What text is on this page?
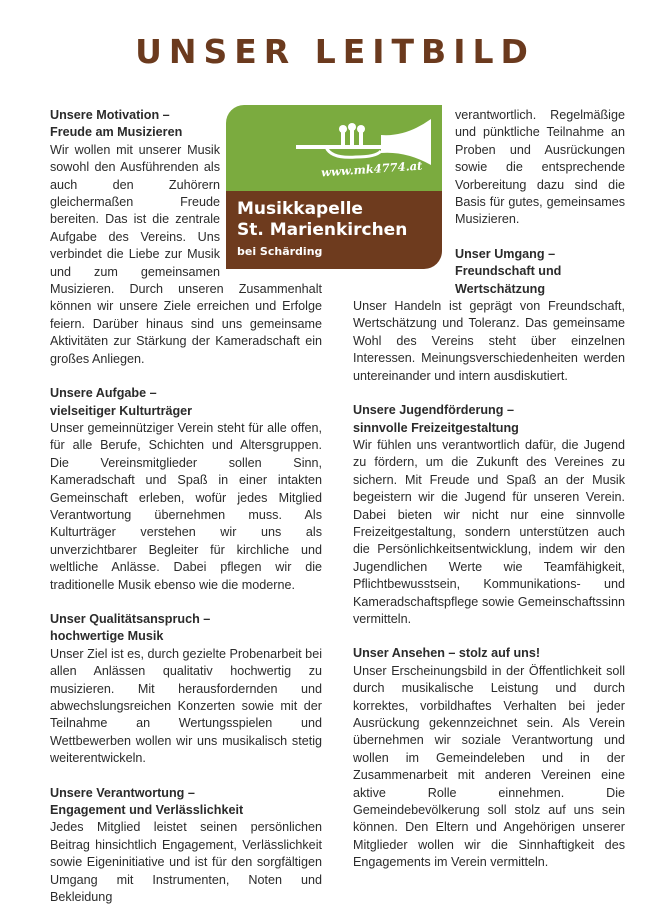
UNSER LEITBILD
www.mk4774.at
Musikkapelle
St. Marienkirchen
bei Schärding
Unsere Motivation –
Freude am Musizieren

Wir wollen mit unserer Musik sowohl den Ausführenden als auch den Zuhörern gleichermaßen Freude bereiten. Das ist die zentrale Aufgabe des Vereins. Uns verbindet die Liebe zur Musik und zum gemeinsamen Musizieren. Durch unseren Zusammenhalt können wir unsere Ziele erreichen und Erfolge feiern. Darüber hinaus sind uns gemeinsame Aktivitäten zur Stärkung der Kameradschaft ein großes Anliegen.

Unsere Aufgabe –
vielseitiger Kulturträger

Unser gemeinnütziger Verein steht für alle offen, für alle Berufe, Schichten und Altersgruppen. Die Vereinsmitglieder sollen Sinn, Kameradschaft und Spaß in einer intakten Gemeinschaft erleben, wofür jedes Mitglied Verantwortung übernehmen muss. Als Kulturträger verstehen wir uns als unverzichtbarer Begleiter für kirchliche und weltliche Anlässe. Dabei pflegen wir die traditionelle Musik ebenso wie die moderne.

Unser Qualitätsanspruch –
hochwertige Musik

Unser Ziel ist es, durch gezielte Probenarbeit bei allen Anlässen qualitativ hochwertig zu musizieren. Mit herausfordernden und abwechslungsreichen Konzerten sowie mit der Teilnahme an Wertungsspielen und Wettbewerben wollen wir uns musikalisch stetig weiterentwickeln.

Unsere Verantwortung –
Engagement und Verlässlichkeit

Jedes Mitglied leistet seinen persönlichen Beitrag hinsichtlich Engagement, Verlässlichkeit sowie Eigeninitiative und ist für den sorgfältigen Umgang mit Instrumenten, Noten und Bekleidung

verantwortlich. Regelmäßige und pünktliche Teilnahme an Proben und Ausrückungen sowie die entsprechende Vorbereitung dazu sind die Basis für gutes, gemeinsames Musizieren.

Unser Umgang –
Freundschaft und
Wertschätzung

Unser Handeln ist geprägt von Freundschaft, Wertschätzung und Toleranz. Das gemeinsame Wohl des Vereins steht über einzelnen Interessen. Meinungsverschiedenheiten werden untereinander und intern ausdiskutiert.

Unsere Jugendförderung –
sinnvolle Freizeitgestaltung

Wir fühlen uns verantwortlich dafür, die Jugend zu fördern, um die Zukunft des Vereines zu sichern. Mit Freude und Spaß an der Musik begeistern wir die Jugend für unseren Verein. Dabei bieten wir nicht nur eine sinnvolle Freizeitgestaltung, sondern unterstützen auch die Persönlichkeitsentwicklung, indem wir den Jugendlichen Werte wie Teamfähigkeit, Pflichtbewusstsein, Kommunikations- und Kameradschaftspflege sowie Gemeinschaftssinn vermitteln.

Unser Ansehen – stolz auf uns!

Unser Erscheinungsbild in der Öffentlichkeit soll durch musikalische Leistung und durch korrektes, vorbildhaftes Verhalten bei jeder Ausrückung gekennzeichnet sein. Als Verein übernehmen wir soziale Verantwortung und wollen im Gemeindeleben und in der Zusammenarbeit mit anderen Vereinen eine aktive Rolle einnehmen. Die Gemeindebevölkerung soll stolz auf uns sein können. Den Eltern und Angehörigen unserer Mitglieder wollen wir die Sinnhaftigkeit des Engagements im Verein vermitteln.
